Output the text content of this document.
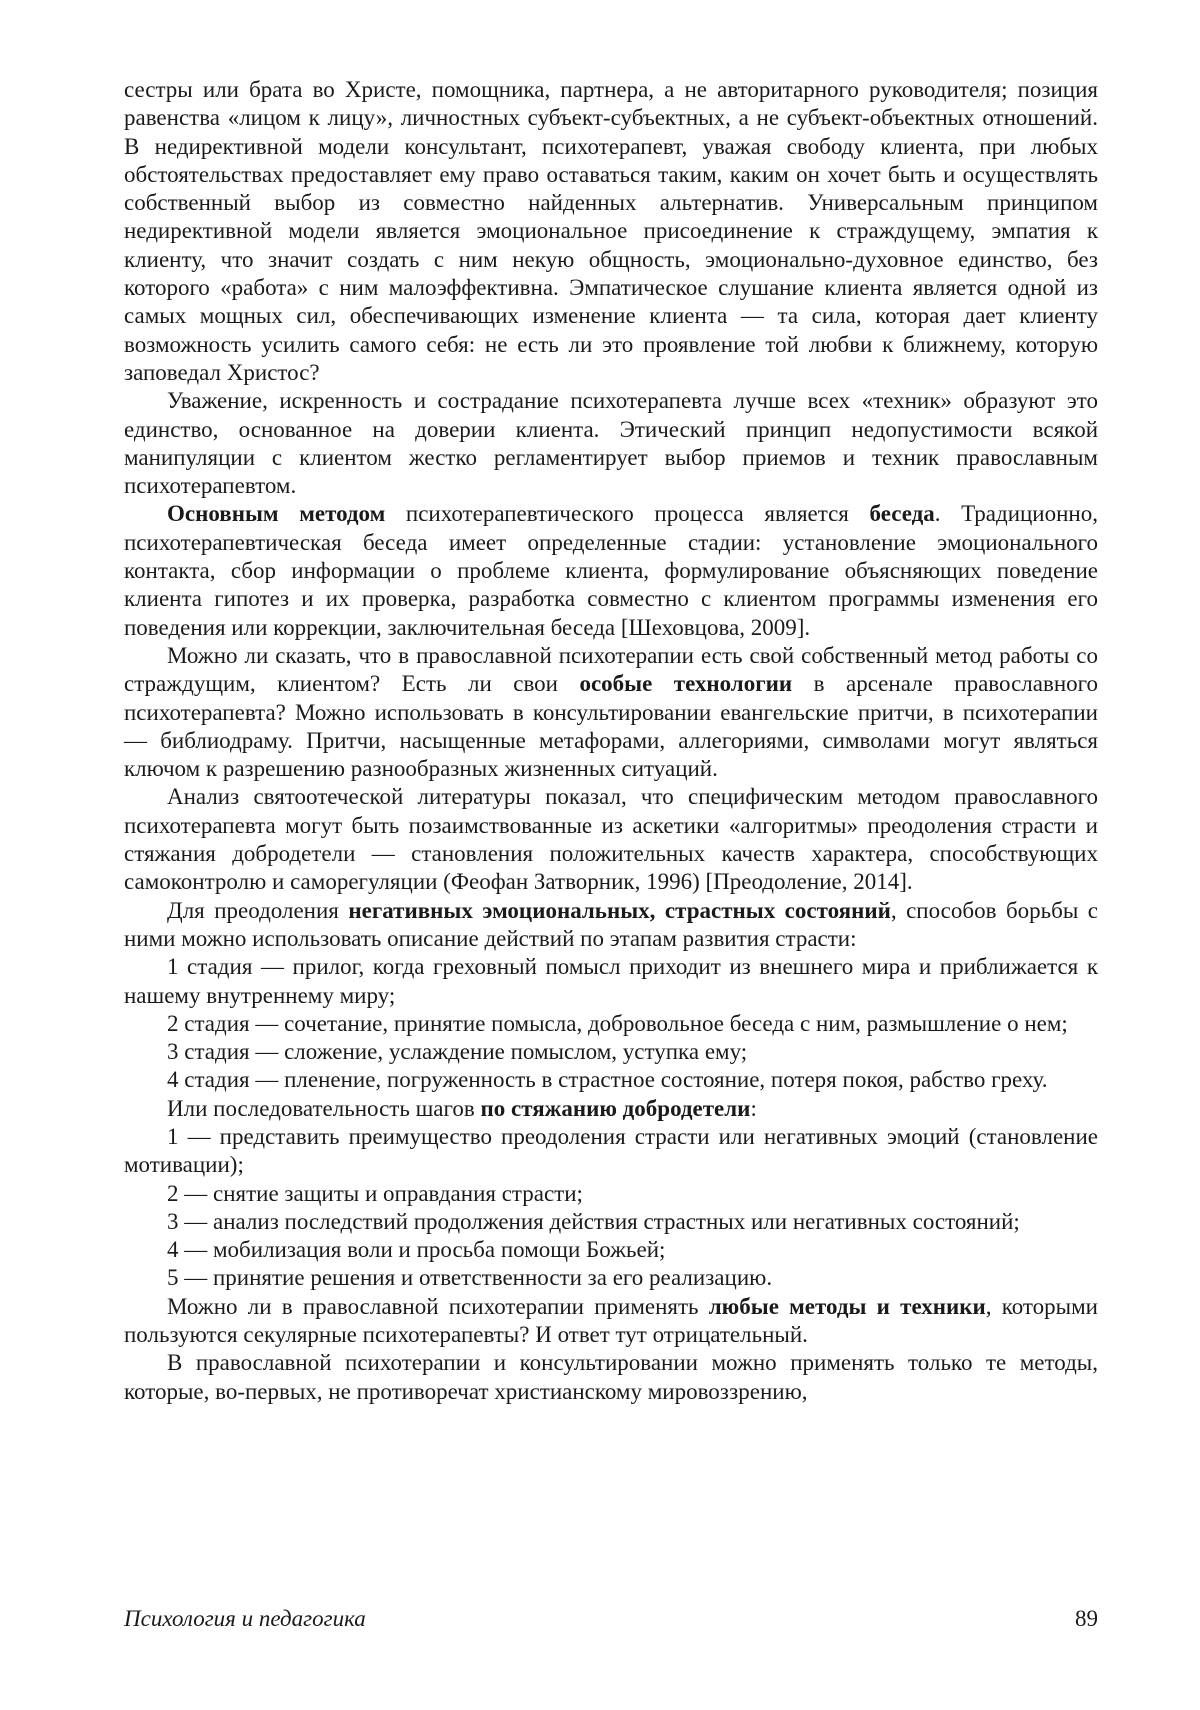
сестры или брата во Христе, помощника, партнера, а не авторитарного руководителя; позиция равенства «лицом к лицу», личностных субъект-субъектных, а не субъект-объектных отношений. В недирективной модели консультант, психотерапевт, уважая свободу клиента, при любых обстоятельствах предоставляет ему право оставаться таким, каким он хочет быть и осуществлять собственный выбор из совместно найденных альтернатив. Универсальным принципом недирективной модели является эмоциональное присоединение к страждущему, эмпатия к клиенту, что значит создать с ним некую общность, эмоционально-духовное единство, без которого «работа» с ним малоэффективна. Эмпатическое слушание клиента является одной из самых мощных сил, обеспечивающих изменение клиента — та сила, которая дает клиенту возможность усилить самого себя: не есть ли это проявление той любви к ближнему, которую заповедал Христос?

Уважение, искренность и сострадание психотерапевта лучше всех «техник» образуют это единство, основанное на доверии клиента. Этический принцип недопустимости всякой манипуляции с клиентом жестко регламентирует выбор приемов и техник православным психотерапевтом.

Основным методом психотерапевтического процесса является беседа. Традиционно, психотерапевтическая беседа имеет определенные стадии: установление эмоционального контакта, сбор информации о проблеме клиента, формулирование объясняющих поведение клиента гипотез и их проверка, разработка совместно с клиентом программы изменения его поведения или коррекции, заключительная беседа [Шеховцова, 2009].

Можно ли сказать, что в православной психотерапии есть свой собственный метод работы со страждущим, клиентом? Есть ли свои особые технологии в арсенале православного психотерапевта? Можно использовать в консультировании евангельские притчи, в психотерапии — библиодраму. Притчи, насыщенные метафорами, аллегориями, символами могут являться ключом к разрешению разнообразных жизненных ситуаций.

Анализ святоотеческой литературы показал, что специфическим методом православного психотерапевта могут быть позаимствованные из аскетики «алгоритмы» преодоления страсти и стяжания добродетели — становления положительных качеств характера, способствующих самоконтролю и саморегуляции (Феофан Затворник, 1996) [Преодоление, 2014].

Для преодоления негативных эмоциональных, страстных состояний, способов борьбы с ними можно использовать описание действий по этапам развития страсти:

1 стадия — прилог, когда греховный помысл приходит из внешнего мира и приближается к нашему внутреннему миру;

2 стадия — сочетание, принятие помысла, добровольное беседа с ним, размышление о нем;

3 стадия — сложение, услаждение помыслом, уступка ему;

4 стадия — пленение, погруженность в страстное состояние, потеря покоя, рабство греху.

Или последовательность шагов по стяжанию добродетели:

1 — представить преимущество преодоления страсти или негативных эмоций (становление мотивации);

2 — снятие защиты и оправдания страсти;

3 — анализ последствий продолжения действия страстных или негативных состояний;

4 — мобилизация воли и просьба помощи Божьей;

5 — принятие решения и ответственности за его реализацию.

Можно ли в православной психотерапии применять любые методы и техники, которыми пользуются секулярные психотерапевты? И ответ тут отрицательный.

В православной психотерапии и консультировании можно применять только те методы, которые, во-первых, не противоречат христианскому мировоззрению,

Психология и педагогика	89
